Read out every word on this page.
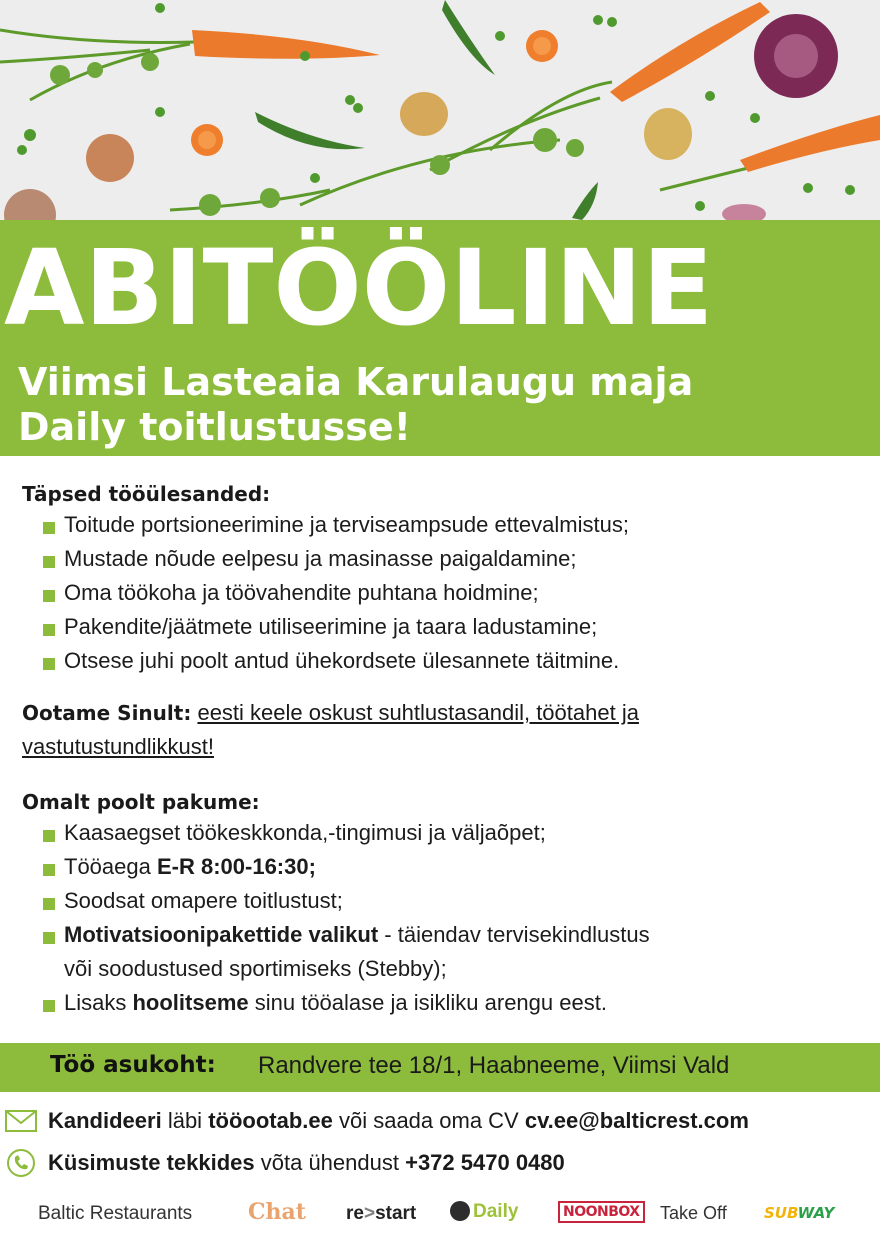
ABITÖÖLINE
Viimsi Lasteaia Karulaugu maja
Daily toitlustusse!
Täpsed tööülesanded:
Toitude portsioneerimine ja terviseampsude ettevalmistus;
Mustade nõude eelpesu ja masinasse paigaldamine;
Oma töökoha ja töövahendite puhtana hoidmine;
Pakendite/jäätmete utiliseerimine ja taara ladustamine;
Otsese juhi poolt antud ühekordsete ülesannete täitmine.
Ootame Sinult: eesti keele oskust suhtlustasandil, töötahet ja
vastutustundlikkust!
Omalt poolt pakume:
Kaasaegset töökeskkonda,-tingimusi ja väljaõpet;
Tööaega E-R 8:00-16:30;
Soodsat omapere toitlustust;
Motivatsioonipakettide valikut - täiendav tervisekindlustus
või soodustused sportimiseks (Stebby);
Lisaks hoolitseme sinu tööalase ja isikliku arengu eest.
Töö asukoht: Randvere tee 18/1, Haabneeme, Viimsi Vald
Kandideeri läbi tööootab.ee või saada oma CV cv.ee@balticrest.com
Küsimuste tekkides võta ühendust +372 5470 0480
Baltic Restaurants	Chat re>start	Daily	NOONBOX Take Off SUBWAY
